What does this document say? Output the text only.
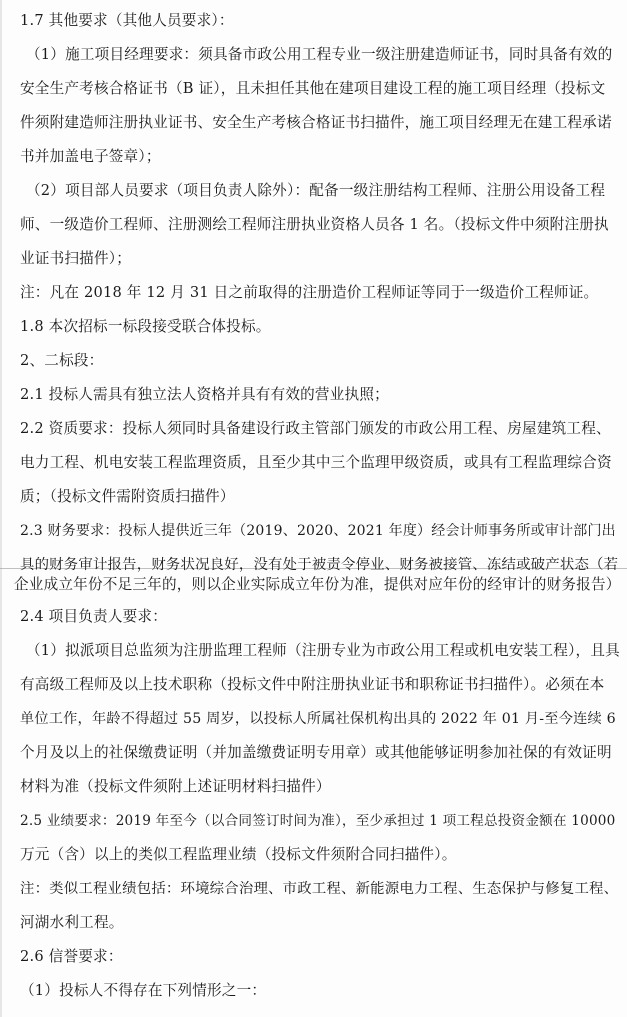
1.7 其他要求（其他人员要求）：
（1）施工项目经理要求：须具备市政公用工程专业一级注册建造师证书，同时具备有效的
安全生产考核合格证书（B 证），且未担任其他在建项目建设工程的施工项目经理（投标文
件须附建造师注册执业证书、安全生产考核合格证书扫描件，施工项目经理无在建工程承诺
书并加盖电子签章）；
（2）项目部人员要求（项目负责人除外）：配备一级注册结构工程师、注册公用设备工程
师、一级造价工程师、注册测绘工程师注册执业资格人员各 1 名。（投标文件中须附注册执
业证书扫描件）；
注：凡在 2018 年 12 月 31 日之前取得的注册造价工程师证等同于一级造价工程师证。
1.8 本次招标一标段接受联合体投标。
2、二标段：
2.1 投标人需具有独立法人资格并具有有效的营业执照；
2.2 资质要求：投标人须同时具备建设行政主管部门颁发的市政公用工程、房屋建筑工程、
电力工程、机电安装工程监理资质，且至少其中三个监理甲级资质，或具有工程监理综合资
质；（投标文件需附资质扫描件）
2.3 财务要求：投标人提供近三年（2019、2020、2021 年度）经会计师事务所或审计部门出
具的财务审计报告，财务状况良好，没有处于被责令停业、财务被接管、冻结或破产状态（若
企业成立年份不足三年的，则以企业实际成立年份为准，提供对应年份的经审计的财务报告）
2.4 项目负责人要求：
（1）拟派项目总监须为注册监理工程师（注册专业为市政公用工程或机电安装工程），且具
有高级工程师及以上技术职称（投标文件中附注册执业证书和职称证书扫描件）。必须在本
单位工作，年龄不得超过 55 周岁，以投标人所属社保机构出具的 2022 年 01 月-至今连续 6
个月及以上的社保缴费证明（并加盖缴费证明专用章）或其他能够证明参加社保的有效证明
材料为准（投标文件须附上述证明材料扫描件）
2.5 业绩要求：2019 年至今（以合同签订时间为准），至少承担过 1 项工程总投资金额在 10000
万元（含）以上的类似工程监理业绩（投标文件须附合同扫描件）。
注：类似工程业绩包括：环境综合治理、市政工程、新能源电力工程、生态保护与修复工程、
河湖水利工程。
2.6 信誉要求：
（1）投标人不得存在下列情形之一：
